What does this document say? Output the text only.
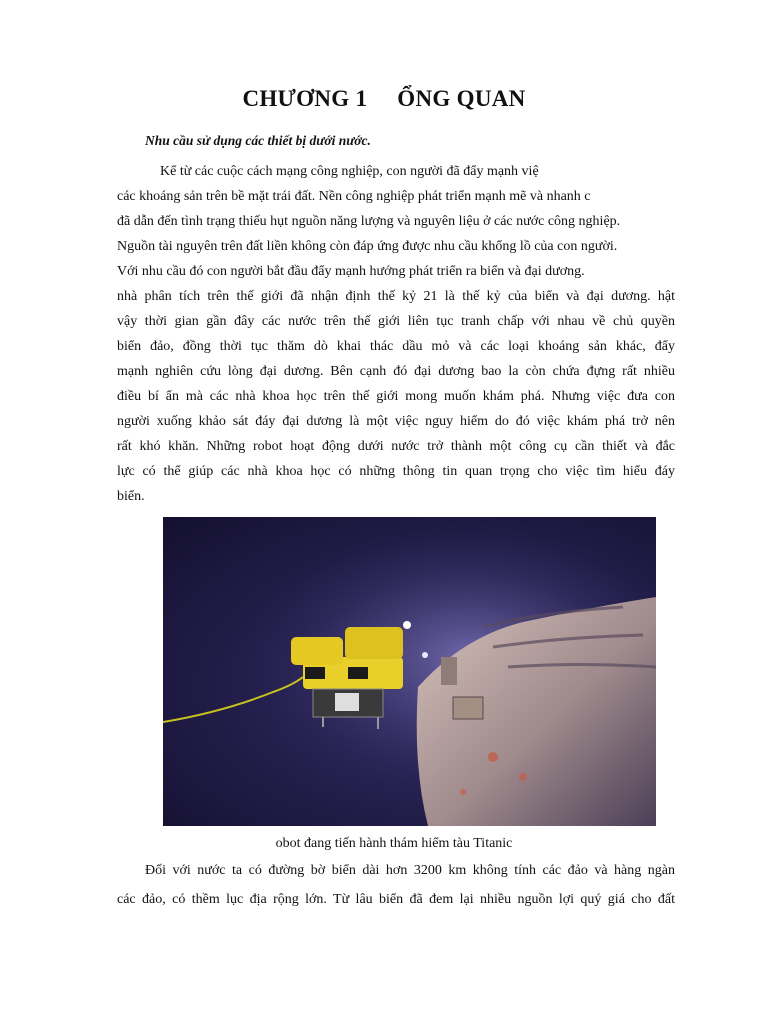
CHƯƠNG 1 ỔNG QUAN
Nhu cầu sử dụng các thiết bị dưới nước.
Kể từ các cuộc cách mạng công nghiệp, con người đã đẩy mạnh việ
các khoáng sản trên bề mặt trái đất. Nền công nghiệp phát triển mạnh mẽ và nhanh c
đã dẫn đến tình trạng thiếu hụt nguồn năng lượng và nguyên liệu ở các nước công nghiệp.
Nguồn tài nguyên trên đất liền không còn đáp ứng được nhu cầu khổng lồ của con người.
Với nhu cầu đó con người bắt đầu đẩy mạnh hướng phát triển ra biển và đại dương.
nhà phân tích trên thế giới đã nhận định thế kỷ 21 là thế kỷ của biển và đại dương. hật
vậy thời gian gần đây các nước trên thế giới liên tục tranh chấp với nhau về chủ quyền
biển đảo, đồng thời tục thăm dò khai thác dầu mỏ và các loại khoáng sản khác, đẩy
mạnh nghiên cứu lòng đại dương. Bên cạnh đó đại dương bao la còn chứa đựng rất nhiều
điều bí ẩn mà các nhà khoa học trên thế giới mong muốn khám phá. Nhưng việc đưa con
người xuống khảo sát đáy đại dương là một việc nguy hiểm do đó việc khám phá trở nên
rất khó khăn. Những robot hoạt động dưới nước trở thành một công cụ cần thiết và đắc
lực có thể giúp các nhà khoa học có những thông tin quan trọng cho việc tìm hiểu đáy
biển.
obot đang tiến hành thám hiểm tàu Titanic
Đối với nước ta có đường bờ biển dài hơn 3200 km không tính các đảo và hàng ngàn
các đảo, có thềm lục địa rộng lớn. Từ lâu biển đã đem lại nhiều nguồn lợi quý giá cho đất
